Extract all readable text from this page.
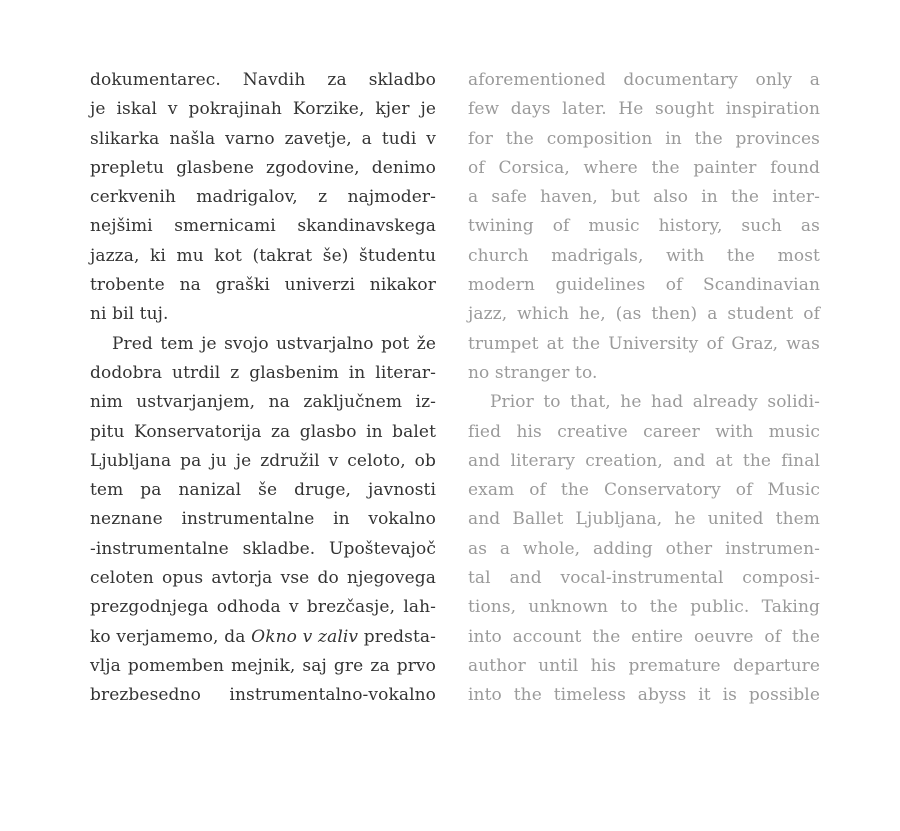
dokumentarec. Navdih za skladbo
je iskal v pokrajinah Korzike, kjer je
slikarka našla varno zavetje, a tudi v
prepletu glasbene zgodovine, denimo
cerkvenih madrigalov, z najmoder-
nejšimi smernicami skandinavskega
jazza, ki mu kot (takrat še) študentu
trobente na graški univerzi nikakor
ni bil tuj.
Pred tem je svojo ustvarjalno pot že
dodobra utrdil z glasbenim in literar-
nim ustvarjanjem, na zaključnem iz-
pitu Konservatorija za glasbo in balet
Ljubljana pa ju je združil v celoto, ob
tem pa nanizal še druge, javnosti
neznane instrumentalne in vokalno
-instrumentalne skladbe. Upoštevajoč
celoten opus avtorja vse do njegovega
prezgodnjega odhoda v brezčasje, lah-
ko verjamemo, da Okno v zaliv predsta-
vlja pomemben mejnik, saj gre za prvo
brezbesedno instrumentalno-vokalno
aforementioned documentary only a
few days later. He sought inspiration
for the composition in the provinces
of Corsica, where the painter found
a safe haven, but also in the inter-
twining of music history, such as
church madrigals, with the most
modern guidelines of Scandinavian
jazz, which he, (as then) a student of
trumpet at the University of Graz, was
no stranger to.
Prior to that, he had already solidi-
fied his creative career with music
and literary creation, and at the final
exam of the Conservatory of Music
and Ballet Ljubljana, he united them
as a whole, adding other instrumen-
tal and vocal-instrumental composi-
tions, unknown to the public. Taking
into account the entire oeuvre of the
author until his premature departure
into the timeless abyss it is possible
